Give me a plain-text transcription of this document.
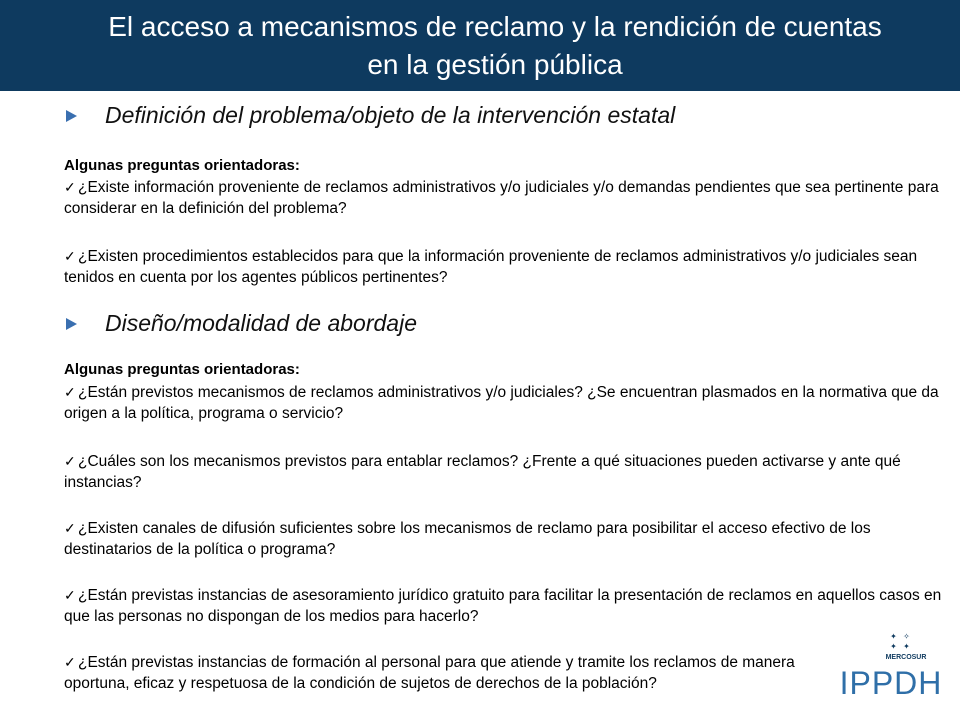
El acceso a mecanismos de reclamo y la rendición de cuentas
en la gestión pública
Definición del problema/objeto de la intervención estatal
Algunas preguntas orientadoras:
✓ ¿Existe información proveniente de reclamos administrativos y/o judiciales y/o demandas pendientes que sea pertinente para considerar en la definición del problema?
✓ ¿Existen procedimientos establecidos para que la información proveniente de reclamos administrativos y/o judiciales sean tenidos en cuenta por los agentes públicos pertinentes?
Diseño/modalidad de abordaje
Algunas preguntas orientadoras:
✓ ¿Están previstos mecanismos de reclamos administrativos y/o judiciales? ¿Se encuentran plasmados en la normativa que da origen a la política, programa o servicio?
✓ ¿Cuáles son los mecanismos previstos para entablar reclamos? ¿Frente a qué situaciones pueden activarse y ante qué instancias?
✓ ¿Existen canales de difusión suficientes sobre los mecanismos de reclamo para posibilitar el acceso efectivo de los destinatarios de la política o programa?
✓ ¿Están previstas instancias de asesoramiento jurídico gratuito para facilitar la presentación de reclamos en aquellos casos en que las personas no dispongan de los medios para hacerlo?
✓ ¿Están previstas instancias de formación al personal para que atiende y tramite los reclamos de manera oportuna, eficaz y respetuosa de la condición de sujetos de derechos de la población?
✦ ✧
✦ ✦
MERCOSUR
IPPDH
